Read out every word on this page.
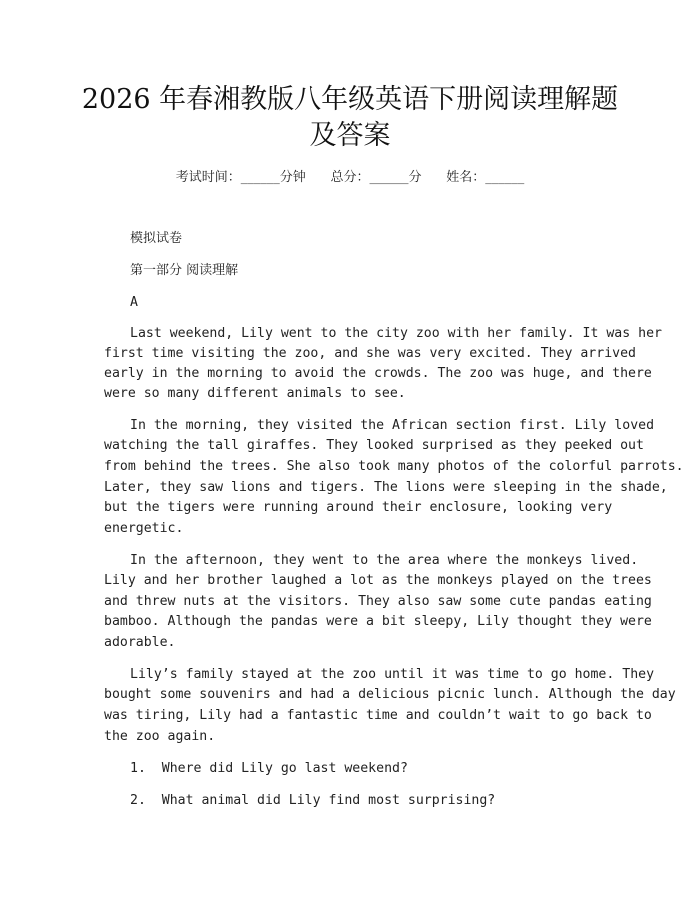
2026 年春湘教版八年级英语下册阅读理解题
及答案
考试时间：______分钟      总分：______分      姓名：______
模拟试卷
第一部分 阅读理解
A
Last weekend, Lily went to the city zoo with her family. It was her
first time visiting the zoo, and she was very excited. They arrived
early in the morning to avoid the crowds. The zoo was huge, and there
were so many different animals to see.
In the morning, they visited the African section first. Lily loved
watching the tall giraffes. They looked surprised as they peeked out
from behind the trees. She also took many photos of the colorful parrots.
Later, they saw lions and tigers. The lions were sleeping in the shade,
but the tigers were running around their enclosure, looking very
energetic.
In the afternoon, they went to the area where the monkeys lived.
Lily and her brother laughed a lot as the monkeys played on the trees
and threw nuts at the visitors. They also saw some cute pandas eating
bamboo. Although the pandas were a bit sleepy, Lily thought they were
adorable.
Lily’s family stayed at the zoo until it was time to go home. They
bought some souvenirs and had a delicious picnic lunch. Although the day
was tiring, Lily had a fantastic time and couldn’t wait to go back to
the zoo again.
1.  Where did Lily go last weekend?
2.  What animal did Lily find most surprising?
